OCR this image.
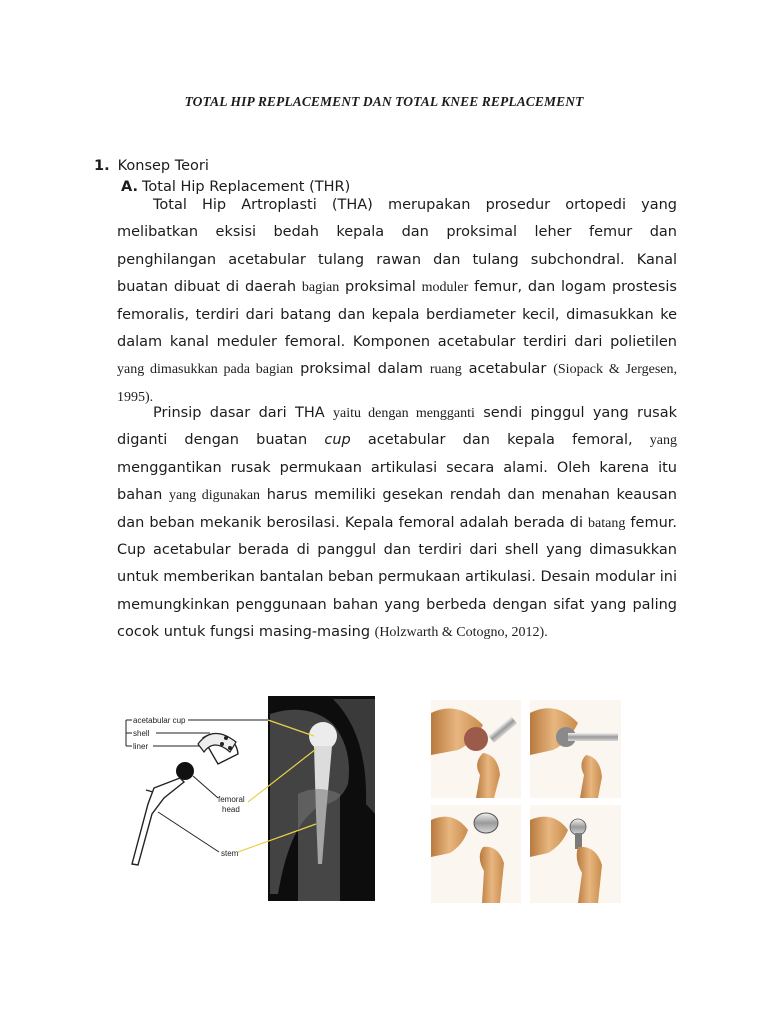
TOTAL HIP REPLACEMENT DAN TOTAL KNEE REPLACEMENT
1. Konsep Teori
A. Total Hip Replacement (THR)
Total Hip Artroplasti (THA) merupakan prosedur ortopedi yang melibatkan eksisi bedah kepala dan proksimal leher femur dan penghilangan acetabular tulang rawan dan tulang subchondral. Kanal buatan dibuat di daerah bagian proksimal moduler femur, dan logam prostesis femoralis, terdiri dari batang dan kepala berdiameter kecil, dimasukkan ke dalam kanal meduler femoral. Komponen acetabular terdiri dari polietilen yang dimasukkan pada bagian proksimal dalam ruang acetabular (Siopack & Jergesen, 1995).
Prinsip dasar dari THA yaitu dengan mengganti sendi pinggul yang rusak diganti dengan buatan cup acetabular dan kepala femoral, yang menggantikan rusak permukaan artikulasi secara alami. Oleh karena itu bahan yang digunakan harus memiliki gesekan rendah dan menahan keausan dan beban mekanik berosilasi. Kepala femoral adalah berada di batang femur. Cup acetabular berada di panggul dan terdiri dari shell yang dimasukkan untuk memberikan bantalan beban permukaan artikulasi. Desain modular ini memungkinkan penggunaan bahan yang berbeda dengan sifat yang paling cocok untuk fungsi masing-masing (Holzwarth & Cotogno, 2012).
acetabular cup
shell
liner
femoral
head
stem
